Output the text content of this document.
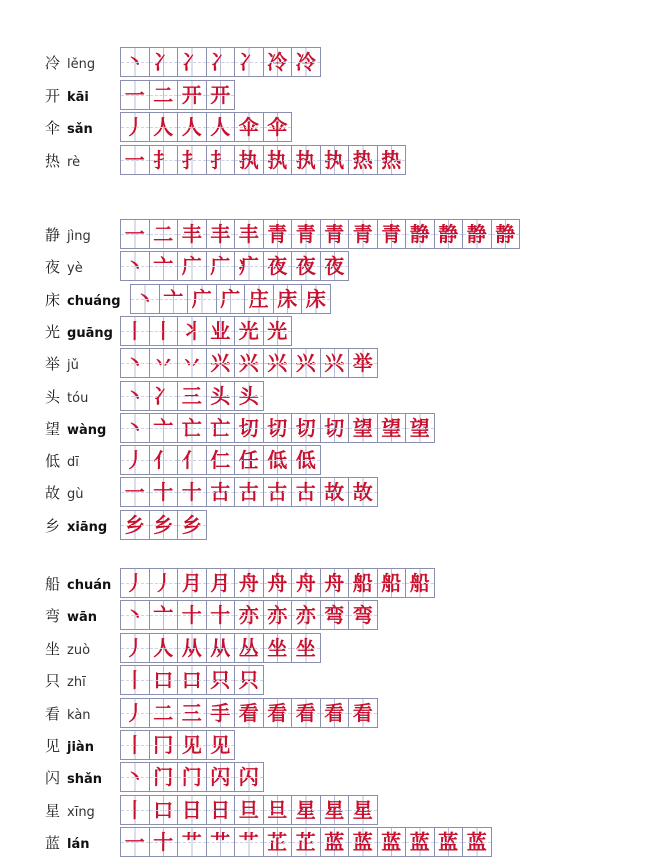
冷 lěng 丶 冫 冫 冫 冫 冷 冷
开 kāi 一 二 开 开
伞 sǎn 丿 人 人 人 伞 伞
热 rè 一 扌 扌 扌 执 执 执 执 热 热
静 jìng 一 二 丰 丰 丰 青 青 青 青 青 静 静 静 静
夜 yè 丶 亠 广 广 疒 夜 夜 夜
床 chuáng 丶 亠 广 广 庄 床 床
光 guāng 丨 丨 丬 业 光 光
举 jǔ 丶 丷 丷 兴 兴 兴 兴 兴 举
头 tóu 丶 冫 三 头 头
望 wàng 丶 亠 亡 亡 切 切 切 切 望 望 望
低 dī 丿 亻 亻 仁 任 低 低
故 gù 一 十 十 古 古 古 古 故 故
乡 xiāng 乡 乡 乡
船 chuán 丿 丿 月 月 舟 舟 舟 舟 船 船 船
弯 wān 丶 亠 十 十 亦 亦 亦 弯 弯
坐 zuò 丿 人 从 从 丛 坐 坐
只 zhī 丨 口 口 只 只
看 kàn 丿 二 三 手 看 看 看 看 看
见 jiàn 丨 冂 见 见
闪 shǎn 丶 门 门 闪 闪
星 xīng 丨 口 日 日 旦 旦 星 星 星
蓝 lán 一 十 艹 艹 艹 芷 芷 蓝 蓝 蓝 蓝 蓝 蓝
